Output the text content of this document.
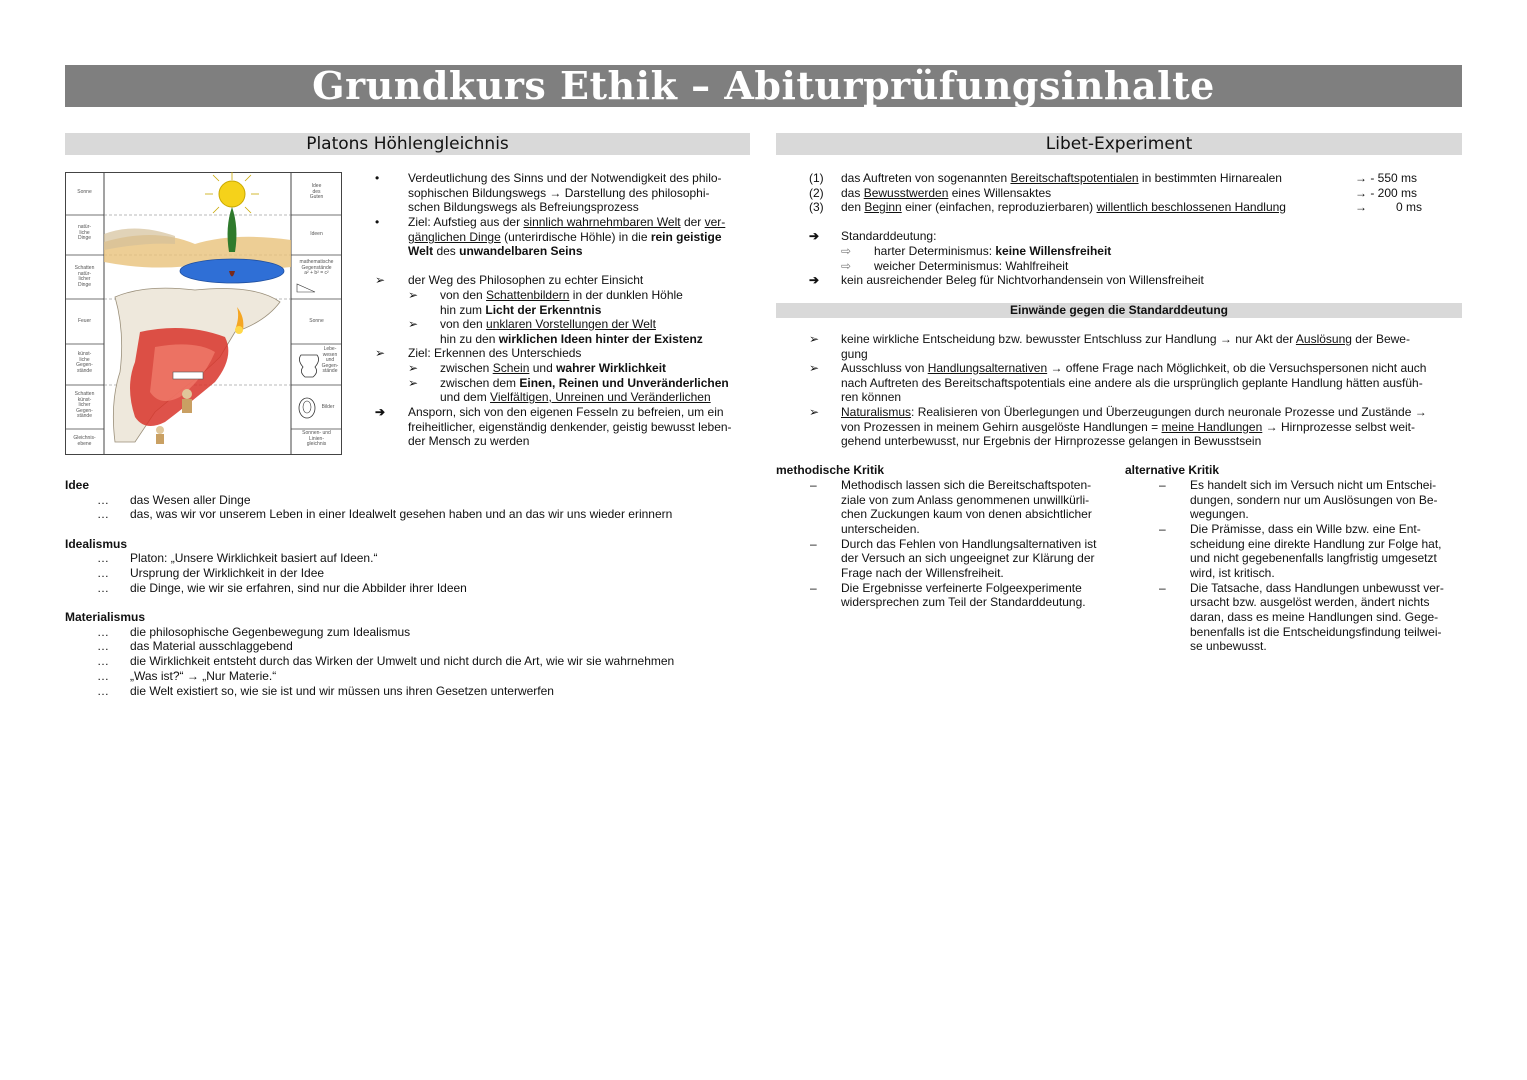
Grundkurs Ethik – Abiturprüfungsinhalte
Platons Höhlengleichnis
Sonne
natür-
liche
Dinge
Schatten
natür-
licher
Dinge
Feuer
künst-
liche
Gegen-
stände
Schatten
künst-
licher
Gegen-
stände
Gleichnis-
ebene
Idee
des
Guten
Ideen
mathematische
Gegenstände
a² + b² = c²
Sonne
Lebe-
wesen
und
Gegen-
stände
Bilder
Sonnen- und
Linien-
gleichnis
• Verdeutlichung des Sinns und der Notwendigkeit des philo-
sophischen Bildungswegs → Darstellung des philosophi-
schen Bildungswegs als Befreiungsprozess
• Ziel: Aufstieg aus der sinnlich wahrnehmbaren Welt der ver-
gänglichen Dinge (unterirdische Höhle) in die rein geistige
Welt des unwandelbaren Seins
➢ der Weg des Philosophen zu echter Einsicht
➢ von den Schattenbildern in der dunklen Höhle
hin zum Licht der Erkenntnis
➢ von den unklaren Vorstellungen der Welt
hin zu den wirklichen Ideen hinter der Existenz
➢ Ziel: Erkennen des Unterschieds
➢ zwischen Schein und wahrer Wirklichkeit
➢ zwischen dem Einen, Reinen und Unveränderlichen
und dem Vielfältigen, Unreinen und Veränderlichen
➔ Ansporn, sich von den eigenen Fesseln zu befreien, um ein
freiheitlicher, eigenständig denkender, geistig bewusst leben-
der Mensch zu werden
Idee
… das Wesen aller Dinge
… das, was wir vor unserem Leben in einer Idealwelt gesehen haben und an das wir uns wieder erinnern
Idealismus
… Platon: „Unsere Wirklichkeit basiert auf Ideen.“
… Ursprung der Wirklichkeit in der Idee
… die Dinge, wie wir sie erfahren, sind nur die Abbilder ihrer Ideen
Materialismus
… die philosophische Gegenbewegung zum Idealismus
… das Material ausschlaggebend
… die Wirklichkeit entsteht durch das Wirken der Umwelt und nicht durch die Art, wie wir sie wahrnehmen
… „Was ist?“ → „Nur Materie.“
… die Welt existiert so, wie sie ist und wir müssen uns ihren Gesetzen unterwerfen
Libet-Experiment
(1) das Auftreten von sogenannten Bereitschaftspotentialen in bestimmten Hirnarealen	→ - 550 ms
(2) das Bewusstwerden eines Willensaktes	→ - 200 ms
(3) den Beginn einer (einfachen, reproduzierbaren) willentlich beschlossenen Handlung	→ 0 ms
➔ Standarddeutung:
⇨ harter Determinismus: keine Willensfreiheit
⇨ weicher Determinismus: Wahlfreiheit
➔ kein ausreichender Beleg für Nichtvorhandensein von Willensfreiheit
Einwände gegen die Standarddeutung
➢ keine wirkliche Entscheidung bzw. bewusster Entschluss zur Handlung → nur Akt der Auslösung der Bewe-
gung
➢ Ausschluss von Handlungsalternativen → offene Frage nach Möglichkeit, ob die Versuchspersonen nicht auch
nach Auftreten des Bereitschaftspotentials eine andere als die ursprünglich geplante Handlung hätten ausfüh-
ren können
➢ Naturalismus: Realisieren von Überlegungen und Überzeugungen durch neuronale Prozesse und Zustände →
von Prozessen in meinem Gehirn ausgelöste Handlungen = meine Handlungen → Hirnprozesse selbst weit-
gehend unterbewusst, nur Ergebnis der Hirnprozesse gelangen in Bewusstsein
methodische Kritik
– Methodisch lassen sich die Bereitschaftspoten-
ziale von zum Anlass genommenen unwillkürli-
chen Zuckungen kaum von denen absichtlicher
unterscheiden.
– Durch das Fehlen von Handlungsalternativen ist
der Versuch an sich ungeeignet zur Klärung der
Frage nach der Willensfreiheit.
– Die Ergebnisse verfeinerte Folgeexperimente
widersprechen zum Teil der Standarddeutung.
alternative Kritik
– Es handelt sich im Versuch nicht um Entschei-
dungen, sondern nur um Auslösungen von Be-
wegungen.
– Die Prämisse, dass ein Wille bzw. eine Ent-
scheidung eine direkte Handlung zur Folge hat,
und nicht gegebenenfalls langfristig umgesetzt
wird, ist kritisch.
– Die Tatsache, dass Handlungen unbewusst ver-
ursacht bzw. ausgelöst werden, ändert nichts
daran, dass es meine Handlungen sind. Gege-
benenfalls ist die Entscheidungsfindung teilwei-
se unbewusst.
